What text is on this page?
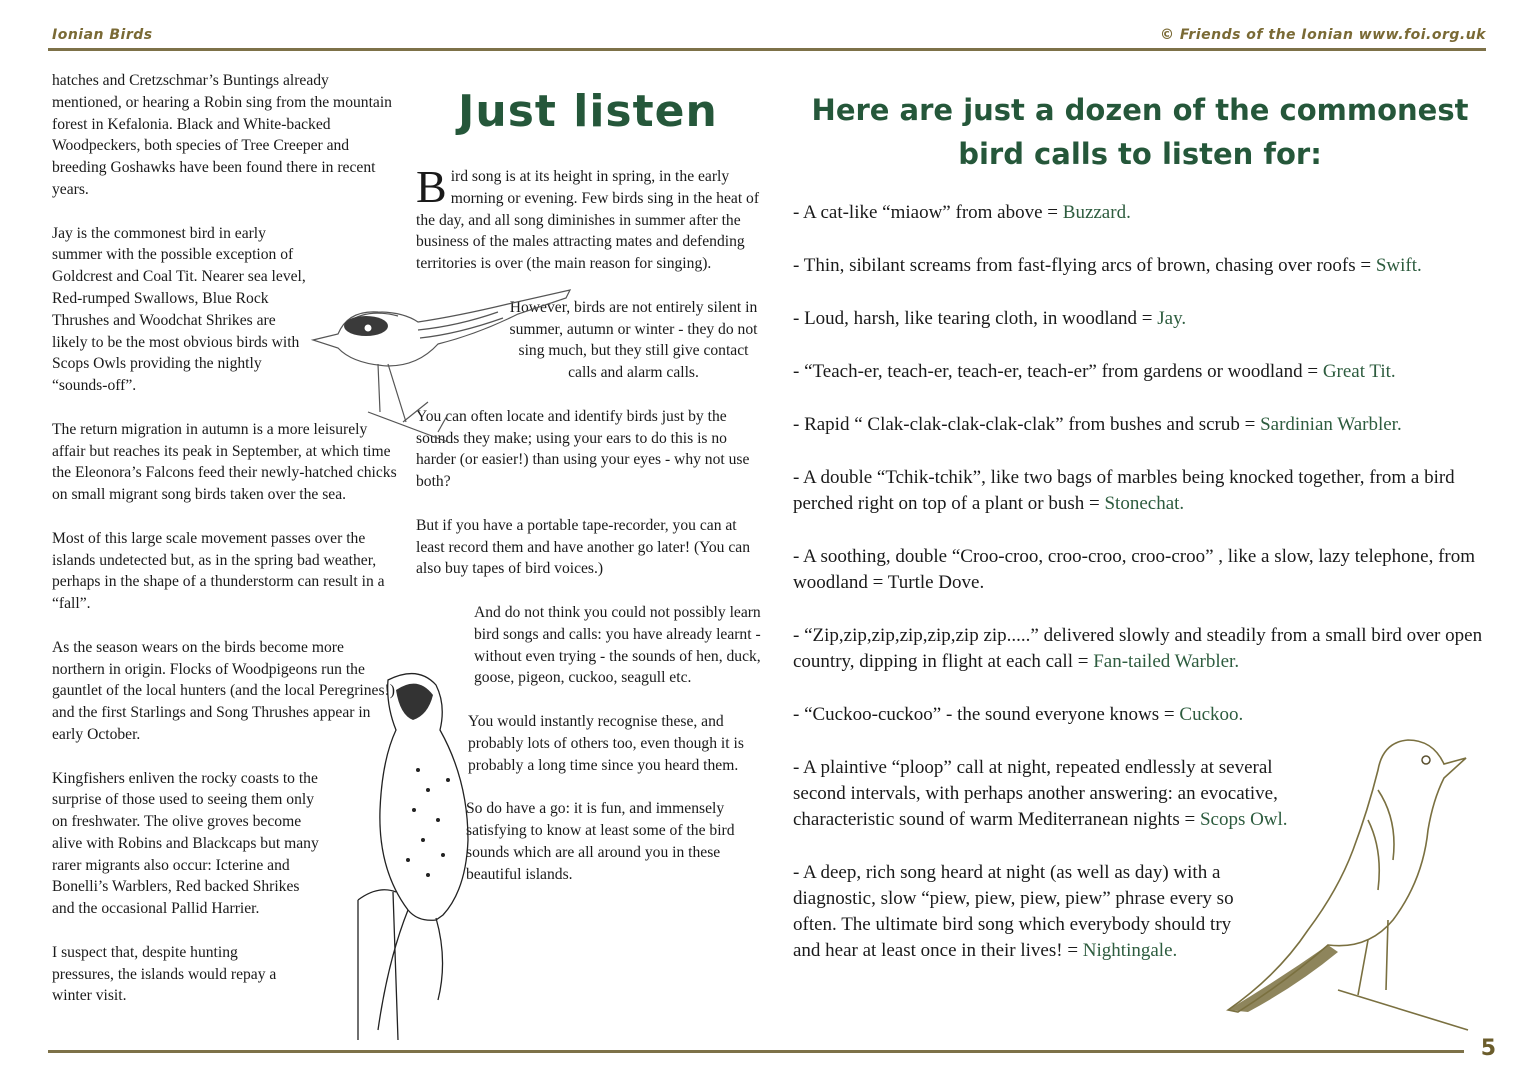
Ionian Birds	© Friends of the Ionian www.foi.org.uk

hatches and Cretzschmar’s Buntings already mentioned, or hearing a Robin sing from the mountain forest in Kefalonia. Black and White-backed Woodpeckers, both species of Tree Creeper and breeding Goshawks have been found there in recent years.

Jay is the commonest bird in early summer with the possible exception of Goldcrest and Coal Tit. Nearer sea level, Red-rumped Swallows, Blue Rock Thrushes and Woodchat Shrikes are likely to be the most obvious birds with Scops Owls providing the nightly “sounds-off”.

The return migration in autumn is a more leisurely affair but reaches its peak in September, at which time the Eleonora’s Falcons feed their newly-hatched chicks on small migrant song birds taken over the sea.

Most of this large scale movement passes over the islands undetected but, as in the spring bad weather, perhaps in the shape of a thunderstorm can result in a “fall”.

As the season wears on the birds become more northern in origin. Flocks of Woodpigeons run the gauntlet of the local hunters (and the local Peregrines!) and the first Starlings and Song Thrushes appear in early October.

Kingfishers enliven the rocky coasts to the surprise of those used to seeing them only on freshwater. The olive groves become alive with Robins and Blackcaps but many rarer migrants also occur: Icterine and Bonelli’s Warblers, Red backed Shrikes and the occasional Pallid Harrier.

I suspect that, despite hunting pressures, the islands would repay a winter visit.

Just listen

Bird song is at its height in spring, in the early morning or evening. Few birds sing in the heat of the day, and all song diminishes in summer after the business of the males attracting mates and defending territories is over (the main reason for singing).

However, birds are not entirely silent in summer, autumn or winter - they do not sing much, but they still give contact calls and alarm calls.

You can often locate and identify birds just by the sounds they make; using your ears to do this is no harder (or easier!) than using your eyes - why not use both?

But if you have a portable tape-recorder, you can at least record them and have another go later! (You can also buy tapes of bird voices.)

And do not think you could not possibly learn bird songs and calls: you have already learnt - without even trying - the sounds of hen, duck, goose, pigeon, cuckoo, seagull etc.

You would instantly recognise these, and probably lots of others too, even though it is probably a long time since you heard them.

So do have a go: it is fun, and immensely satisfying to know at least some of the bird sounds which are all around you in these beautiful islands.

Here are just a dozen of the commonest bird calls to listen for:
- A cat-like “miaow” from above = Buzzard.
- Thin, sibilant screams from fast-flying arcs of brown, chasing over roofs = Swift.
- Loud, harsh, like tearing cloth, in woodland = Jay.
- “Teach-er, teach-er, teach-er, teach-er” from gardens or woodland = Great Tit.
- Rapid “ Clak-clak-clak-clak-clak” from bushes and scrub = Sardinian Warbler.
- A double “Tchik-tchik”, like two bags of marbles being knocked together, from a bird perched right on top of a plant or bush = Stonechat.
- A soothing, double “Croo-croo, croo-croo, croo-croo” , like a slow, lazy telephone, from woodland = Turtle Dove.
- “Zip,zip,zip,zip,zip,zip zip.....” delivered slowly and steadily from a small bird over open country, dipping in flight at each call = Fan-tailed Warbler.
- “Cuckoo-cuckoo” - the sound everyone knows = Cuckoo.
- A plaintive “ploop” call at night, repeated endlessly at several second intervals, with perhaps another answering: an evocative, characteristic sound of warm Mediterranean nights = Scops Owl.
- A deep, rich song heard at night (as well as day) with a diagnostic, slow “piew, piew, piew, piew” phrase every so often. The ultimate bird song which everybody should try and hear at least once in their lives! = Nightingale.
5
